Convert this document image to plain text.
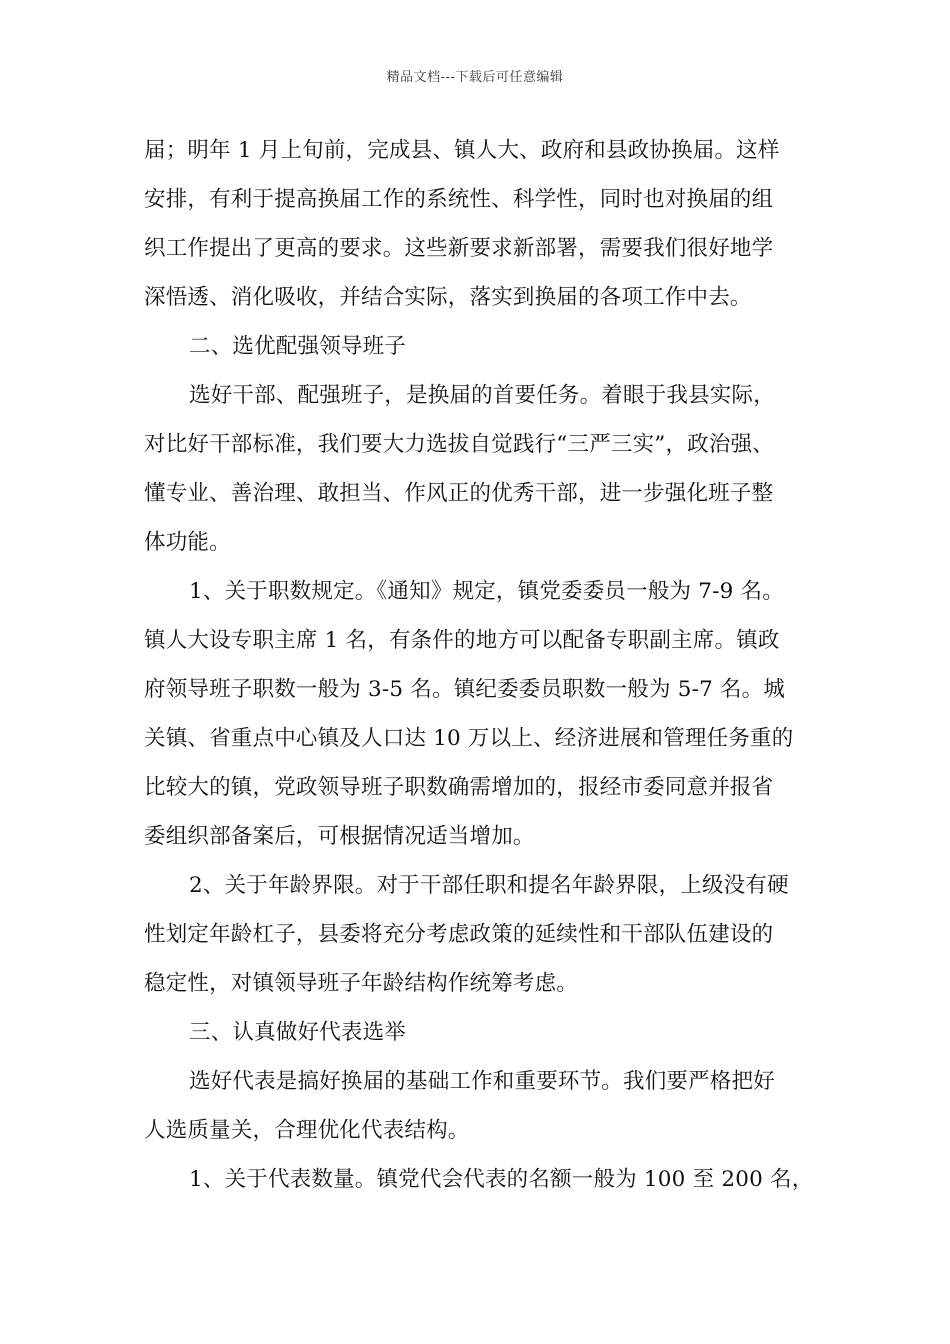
精品文档---下载后可任意编辑
届；明年 1 月上旬前，完成县、镇人大、政府和县政协换届。这样
安排，有利于提高换届工作的系统性、科学性，同时也对换届的组
织工作提出了更高的要求。这些新要求新部署，需要我们很好地学
深悟透、消化吸收，并结合实际，落实到换届的各项工作中去。
二、选优配强领导班子
选好干部、配强班子，是换届的首要任务。着眼于我县实际，
对比好干部标准，我们要大力选拔自觉践行“三严三实”，政治强、
懂专业、善治理、敢担当、作风正的优秀干部，进一步强化班子整
体功能。
1、关于职数规定。《通知》规定，镇党委委员一般为 7-9 名。
镇人大设专职主席 1 名，有条件的地方可以配备专职副主席。镇政
府领导班子职数一般为 3-5 名。镇纪委委员职数一般为 5-7 名。城
关镇、省重点中心镇及人口达 10 万以上、经济进展和管理任务重的
比较大的镇，党政领导班子职数确需增加的，报经市委同意并报省
委组织部备案后，可根据情况适当增加。
2、关于年龄界限。对于干部任职和提名年龄界限，上级没有硬
性划定年龄杠子，县委将充分考虑政策的延续性和干部队伍建设的
稳定性，对镇领导班子年龄结构作统筹考虑。
三、认真做好代表选举
选好代表是搞好换届的基础工作和重要环节。我们要严格把好
人选质量关，合理优化代表结构。
1、关于代表数量。镇党代会代表的名额一般为 100 至 200 名，
